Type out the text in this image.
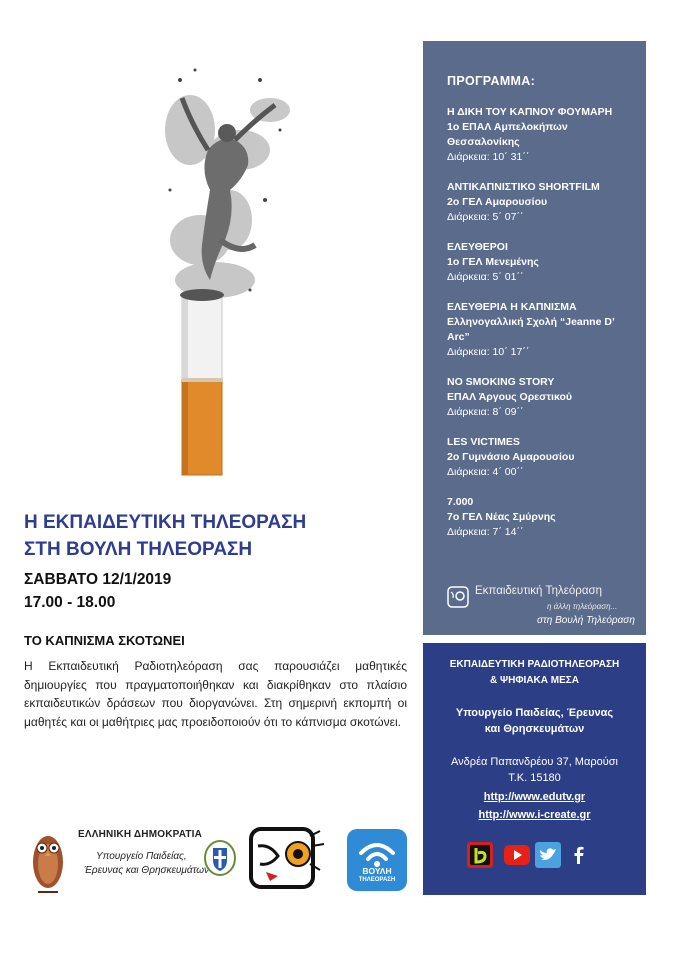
Η ΕΚΠΑΙΔΕΥΤΙΚΗ ΤΗΛΕΟΡΑΣΗ
ΣΤΗ ΒΟΥΛΗ ΤΗΛΕΟΡΑΣΗ
ΣΑΒΒΑΤΟ 12/1/2019
17.00 - 18.00
ΤΟ ΚΑΠΝΙΣΜΑ ΣΚΟΤΩΝΕΙ
Η Εκπαιδευτική Ραδιοτηλεόραση σας παρουσιάζει μαθητικές δημιουργίες που πραγματοποιήθηκαν και διακρίθηκαν στο πλαίσιο εκπαιδευτικών δράσεων που διοργανώνει. Στη σημερινή εκπομπή οι μαθητές και οι μαθήτριες μας προειδοποιούν ότι το κάπνισμα σκοτώνει.
ΕΛΛΗΝΙΚΗ ΔΗΜΟΚΡΑΤΙΑ
Υπουργείο Παιδείας,
Έρευνας και Θρησκευμάτων	ΒΟΥΛΗ
ΤΗΛΕΟΡΑΣΗ
ΠΡΟΓΡΑΜΜΑ:
Η ΔΙΚΗ ΤΟΥ ΚΑΠΝΟΥ ΦΟΥΜΑΡΗ
1ο ΕΠΑΛ Αμπελοκήπων Θεσσαλονίκης
Διάρκεια: 10΄ 31΄΄
ΑΝΤΙΚΑΠΝΙΣΤΙΚΟ SHORTFILM
2ο ΓΕΛ Αμαρουσίου
Διάρκεια: 5΄ 07΄΄
ΕΛΕΥΘΕΡΟΙ
1ο ΓΕΛ Μενεμένης
Διάρκεια: 5΄ 01΄΄
ΕΛΕΥΘΕΡΙΑ Η ΚΑΠΝΙΣΜΑ
Ελληνογαλλική Σχολή “Jeanne D’ Arc”
Διάρκεια: 10΄ 17΄΄
NO SMOKING STORY
ΕΠΑΛ Άργους Ορεστικού
Διάρκεια: 8΄ 09΄΄
LES VICTIMES
2ο Γυμνάσιο Αμαρουσίου
Διάρκεια: 4΄ 00΄΄
7.000
7ο ΓΕΛ Νέας Σμύρνης
Διάρκεια: 7΄ 14΄΄
Εκπαιδευτική Τηλεόραση
η άλλη τηλεόραση...
στη Βουλή Τηλεόραση
ΕΚΠΑΙΔΕΥΤΙΚΗ ΡΑΔΙΟΤΗΛΕΟΡΑΣΗ
& ΨΗΦΙΑΚΑ ΜΕΣΑ
Υπουργείο Παιδείας, Έρευνας
και Θρησκευμάτων
Ανδρέα Παπανδρέου 37, Μαρούσι
Τ.Κ. 15180
http://www.edutv.gr
http://www.i-create.gr
